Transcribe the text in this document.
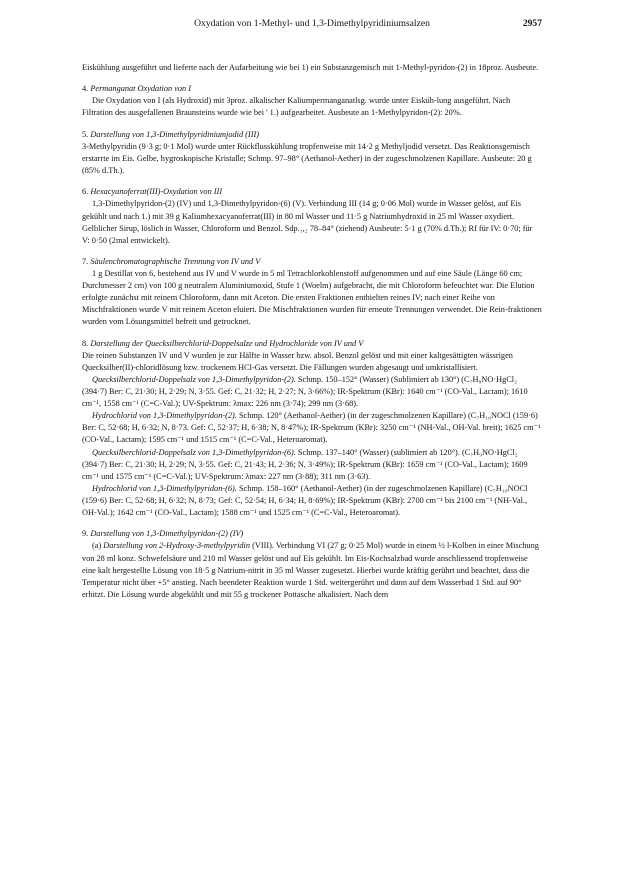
Oxydation von 1-Methyl- und 1,3-Dimethylpyridiniumsalzen	2957

Eiskühlung ausgeführt und lieferte nach der Aufarbeitung wie bei 1) ein Substanzgemisch mit 1-Methyl-pyridon-(2) in 18proz. Ausbeute.

4. Permanganat Oxydation von I

Die Oxydation von I (als Hydroxid) mit 3proz. alkalischer Kaliumpermanganatlsg. wurde unter Eisküh-lung ausgeführt. Nach Filtration des ausgefallenen Braunsteins wurde wie bei ' 1.) aufgearbeitet. Ausbeute an 1-Methylpyridon-(2): 20%.

5. Darstellung von 1,3-Dimethylpyridiniumjodid (III)

3-Methylpyridin (9·3 g; 0·1 Mol) wurde unter Rückflusskühlung tropfenweise mit 14·2 g Methyljodid versetzt. Das Reaktionsgemisch erstarrte im Eis. Gelbe, hygroskopische Kristalle; Schmp. 97–98° (Aethanol-Aether) in der zugeschmolzenen Kapillare. Ausbeute: 20 g (85% d.Th.).

6. Hexacyanoferrat(III)-Oxydation von III

1,3-Dimethylpyridon-(2) (IV) und 1,3-Dimethylpyridon-(6) (V). Verbindung III (14 g; 0·06 Mol) wurde in Wasser gelöst, auf Eis gekühlt und nach 1.) mit 39 g Kaliumhexacyanoferrat(III) in 80 ml Wasser und 11·5 g Natriumhydroxid in 25 ml Wasser oxydiert. Gelblicher Sirup, löslich in Wasser, Chloroform und Benzol. Sdp.₁,₂ 78–84° (ziehend) Ausbeute: 5·1 g (70% d.Th.); Rf für IV: 0·70; für V: 0·50 (2mal entwickelt).

7. Säulenchromatographische Trennung von IV und V

1 g Destillat von 6, bestehend aus IV und V wurde in 5 ml Tetrachlorkohlenstoff aufgenommen und auf eine Säule (Länge 60 cm; Durchmesser 2 cm) von 100 g neutralem Aluminiumoxid, Stufe 1 (Woelm) aufgebracht, die mit Chloroform befeuchtet war. Die Elution erfolgte zunächst mit reinem Chloroform, dann mit Aceton. Die ersten Fraktionen enthielten reines IV; nach einer Reihe von Mischfraktionen wurde V mit reinem Aceton eluiert. Die Mischfraktionen wurden für erneute Trennungen verwendet. Die Rein-fraktionen wurden vom Lösungsmittel befreit und getrocknet.

8. Darstellung der Quecksilberchlorid-Doppelsalze und Hydrochloride von IV und V

Die reinen Substanzen IV und V wurden je zur Hälfte in Wasser bzw. absol. Benzol gelöst und mit einer kaltgesättigten wässrigen Quecksilber(II)-chloridlösung bzw. trockenem HCl-Gas versetzt. Die Fällungen wurden abgesaugt und umkristallisiert.

Quecksilberchlorid-Doppelsalz von 1,3-Dimethylpyridon-(2). Schmp. 150–152° (Wasser) (Sublimiert ab 130°) (C₇H₉NO·HgCl₂ (394·7) Ber: C, 21·30; H, 2·29; N, 3·55. Gef: C, 21·32; H, 2·27; N, 3·66%); IR-Spektrum (KBr): 1640 cm⁻¹ (CO-Val., Lactam); 1610 cm⁻¹, 1558 cm⁻¹ (C=C-Val.); UV-Spektrum: λmax: 226 nm (3·74); 299 nm (3·68).

Hydrochlorid von 1,3-Dimethylpyridon-(2). Schmp. 120° (Aethanol-Aether) (in der zugeschmolzenen Kapillare) (C₇H₁₀NOCl (159·6) Ber: C, 52·68; H, 6·32; N, 8·73. Gef: C, 52·37; H, 6·38; N, 8·47%); IR-Spektrum (KBr): 3250 cm⁻¹ (NH-Val., OH-Val. breit); 1625 cm⁻¹ (CO-Val., Lactam); 1595 cm⁻¹ und 1515 cm⁻¹ (C=C-Val., Heteroaromat).

Quecksilberchlorid-Doppelsalz von 1,3-Dimethylpyridon-(6). Schmp. 137–140° (Wasser) (sublimiert ab 120°). (C₇H₉NO·HgCl₂ (394·7) Ber: C, 21·30; H, 2·29; N, 3·55. Gef: C, 21·43; H, 2·36; N, 3·49%); IR-Spektrum (KBr): 1659 cm⁻¹ (CO-Val., Lactam); 1609 cm⁻¹ und 1575 cm⁻¹ (C=C-Val.); UV-Spektrum: λmax: 227 nm (3·88); 311 nm (3·63).

Hydrochlorid von 1,3-Dimethylpyridon-(6). Schmp. 158–160° (Aethanol-Aether) (in der zugeschmolzenen Kapillare) (C₇H₁₀NOCl (159·6) Ber: C, 52·68; H, 6·32; N, 8·73; Gef: C, 52·54; H, 6·34; H, 8·69%); IR-Spektrum (KBr): 2700 cm⁻¹ bis 2100 cm⁻¹ (NH-Val., OH-Val.); 1642 cm⁻¹ (CO-Val., Lactam); 1588 cm⁻¹ und 1525 cm⁻¹ (C=C-Val., Heteroaromat).

9. Darstellung von 1,3-Dimethylpyridon-(2) (IV)

(a) Darstellung von 2-Hydroxy-3-methylpyridin (VIII). Verbindung VI (27 g; 0·25 Mol) wurde in einem ½ l-Kolben in einer Mischung von 28 ml konz. Schwefelsäure und 210 ml Wasser gelöst und auf Eis gekühlt. Im Eis-Kochsalzbad wurde anschliessend tropfenweise eine kalt hergestellte Lösung von 18·5 g Natrium-nitrit in 35 ml Wasser zugesetzt. Hierbei wurde kräftig gerührt und beachtet, dass die Temperatur nicht über +5° anstieg. Nach beendeter Reaktion wurde 1 Std. weitergerührt und dann auf dem Wasserbad 1 Std. auf 90° erhitzt. Die Lösung wurde abgekühlt und mit 55 g trockener Pottasche alkalisiert. Nach dem
